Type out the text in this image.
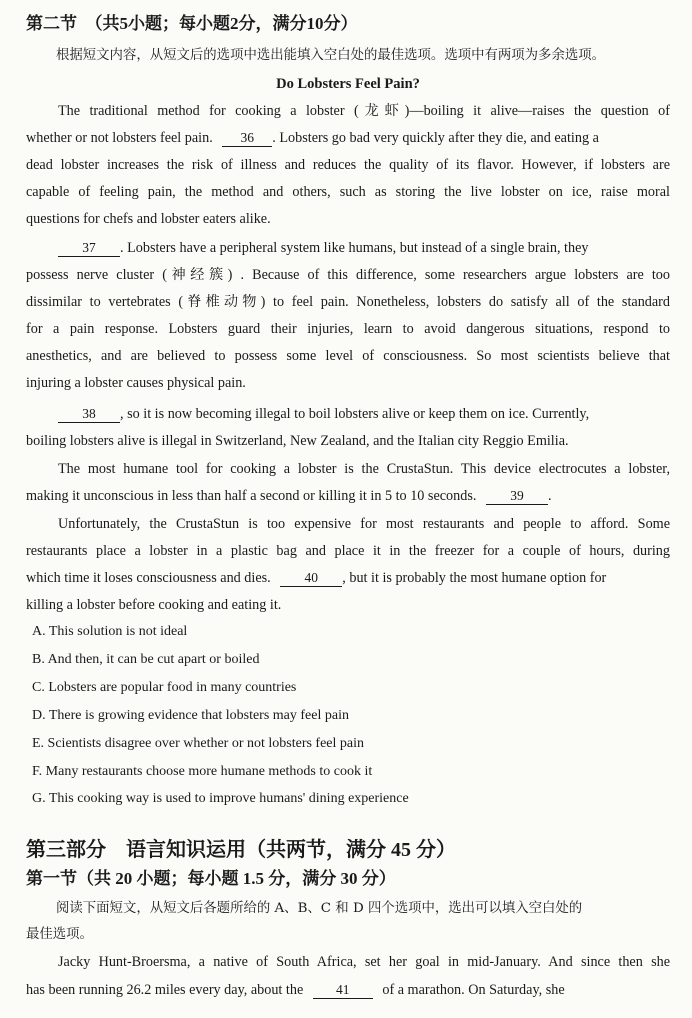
第二节　（共5小题；每小题2分，满分10分）
根据短文内容，从短文后的选项中选出能填入空白处的最佳选项。选项中有两项为多余选项。
Do Lobsters Feel Pain?
The traditional method for cooking a lobster (龙虾)—boiling it alive—raises the question of
whether or not lobsters feel pain. 36 . Lobsters go bad very quickly after they die, and eating a
dead lobster increases the risk of illness and reduces the quality of its flavor. However, if lobsters are
capable of feeling pain, the method and others, such as storing the live lobster on ice, raise moral
questions for chefs and lobster eaters alike.
37 . Lobsters have a peripheral system like humans, but instead of a single brain, they
possess nerve cluster (神经簇) . Because of this difference, some researchers argue lobsters are too
dissimilar to vertebrates (脊椎动物) to feel pain. Nonetheless, lobsters do satisfy all of the standard
for a pain response. Lobsters guard their injuries, learn to avoid dangerous situations, respond to
anesthetics, and are believed to possess some level of consciousness. So most scientists believe that
injuring a lobster causes physical pain.
38 , so it is now becoming illegal to boil lobsters alive or keep them on ice. Currently,
boiling lobsters alive is illegal in Switzerland, New Zealand, and the Italian city Reggio Emilia.
The most humane tool for cooking a lobster is the CrustaStun. This device electrocutes a lobster,
making it unconscious in less than half a second or killing it in 5 to 10 seconds.	39 .
Unfortunately, the CrustaStun is too expensive for most restaurants and people to afford. Some
restaurants place a lobster in a plastic bag and place it in the freezer for a couple of hours, during
which time it loses consciousness and dies.	40 , but it is probably the most humane option for
killing a lobster before cooking and eating it.
A. This solution is not ideal
B. And then, it can be cut apart or boiled
C. Lobsters are popular food in many countries
D. There is growing evidence that lobsters may feel pain
E. Scientists disagree over whether or not lobsters feel pain
F. Many restaurants choose more humane methods to cook it
G. This cooking way is used to improve humans' dining experience
第三部分　语言知识运用（共两节，满分 45 分）
第一节（共 20 小题；每小题 1.5 分，满分 30 分）
阅读下面短文，从短文后各题所给的 A、B、C 和 D 四个选项中，选出可以填入空白处的
最佳选项。
Jacky Hunt-Broersma, a native of South Africa, set her goal in mid-January. And since then she
has been running 26.2 miles every day, about the 41 of a marathon. On Saturday, she
